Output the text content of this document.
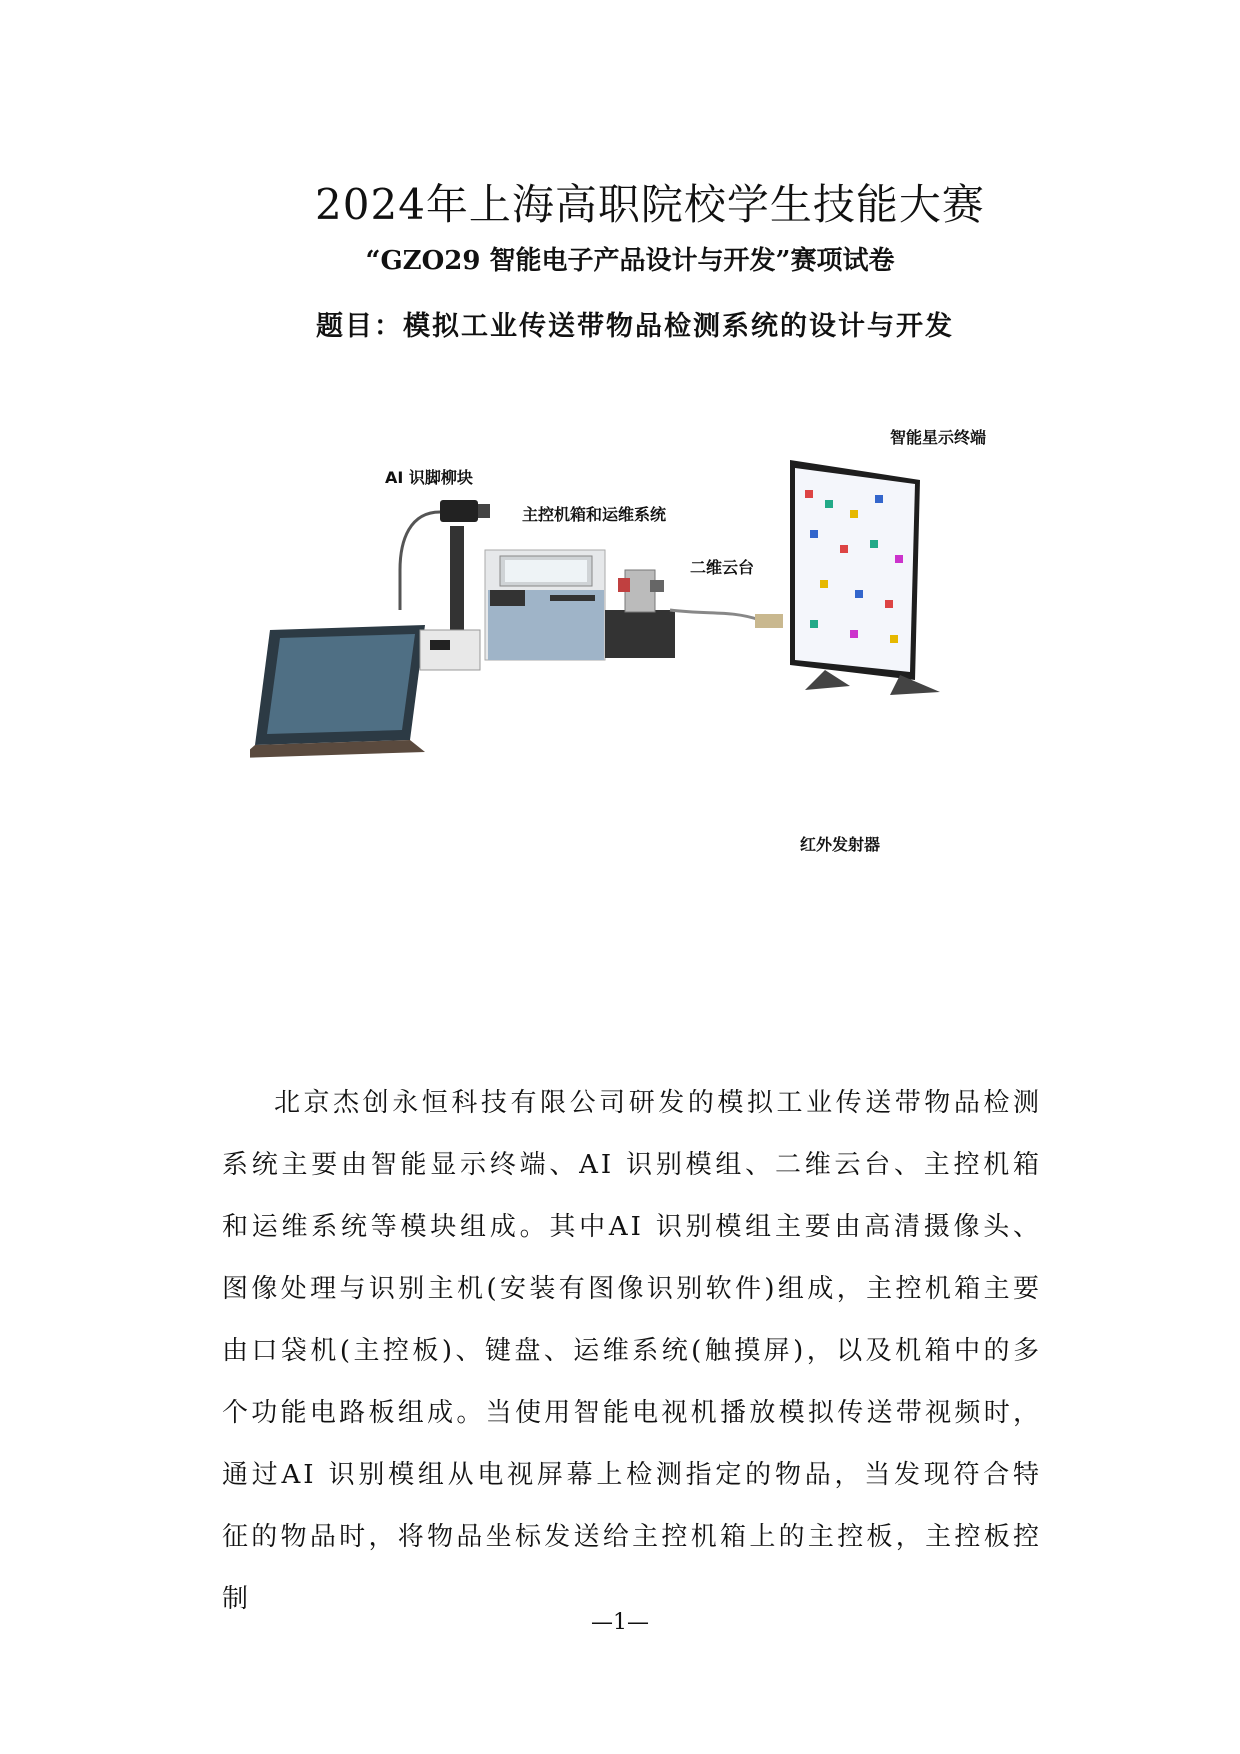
2024年上海高职院校学生技能大赛
“GZO29 智能电子产品设计与开发”赛项试卷
题目：模拟工业传送带物品检测系统的设计与开发
智能星示终端
AI 识脚柳块
主控机箱和运维系统
二维云台
红外发射器

北京杰创永恒科技有限公司研发的模拟工业传送带物品检测系统主要由智能显示终端、AI 识别模组、二维云台、主控机箱和运维系统等模块组成。其中AI 识别模组主要由高清摄像头、图像处理与识别主机(安装有图像识别软件)组成，主控机箱主要由口袋机(主控板)、键盘、运维系统(触摸屏)，以及机箱中的多个功能电路板组成。当使用智能电视机播放模拟传送带视频时，通过AI 识别模组从电视屏幕上检测指定的物品，当发现符合特征的物品时，将物品坐标发送给主控机箱上的主控板，主控板控制

—1—
